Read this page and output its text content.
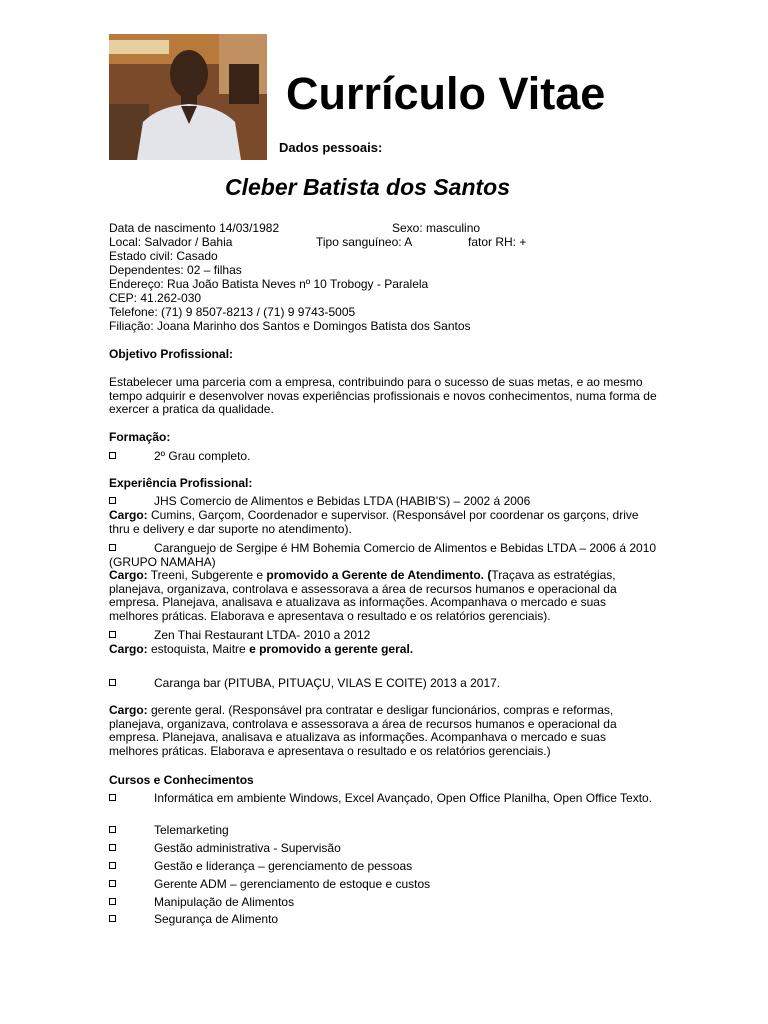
Currículo Vitae
Dados pessoais:
Cleber Batista dos Santos
Data de nascimento 14/03/1982	Sexo: masculino
Local: Salvador / Bahia	Tipo sanguíneo: A	fator RH: +
Estado civil: Casado
Dependentes: 02 – filhas
Endereço: Rua João Batista Neves nº 10 Trobogy - Paralela
CEP: 41.262-030
Telefone: (71) 9 8507-8213 / (71) 9 9743-5005
Filiação: Joana Marinho dos Santos e Domingos Batista dos Santos
Objetivo Profissional:
Estabelecer uma parceria com a empresa, contribuindo para o sucesso de suas metas, e ao mesmo tempo adquirir e desenvolver novas experiências profissionais e novos conhecimentos, numa forma de exercer a pratica da qualidade.
Formação:
2º Grau completo.
Experiência Profissional:
JHS Comercio de Alimentos e Bebidas LTDA (HABIB'S) – 2002 á 2006
Cargo: Cumins, Garçom, Coordenador e supervisor. (Responsável por coordenar os garçons, drive thru e delivery e dar suporte no atendimento).
Caranguejo de Sergipe é HM Bohemia Comercio de Alimentos e Bebidas LTDA – 2006 á 2010 (GRUPO NAMAHA)
Cargo: Treeni, Subgerente e promovido a Gerente de Atendimento. (Traçava as estratégias, planejava, organizava, controlava e assessorava a área de recursos humanos e operacional da empresa. Planejava, analisava e atualizava as informações. Acompanhava o mercado e suas melhores práticas. Elaborava e apresentava o resultado e os relatórios gerenciais).
Zen Thai Restaurant LTDA- 2010 a 2012
Cargo: estoquista, Maitre e promovido a gerente geral.
Caranga bar (PITUBA, PITUAÇU, VILAS E COITE) 2013 a 2017.
Cargo: gerente geral. (Responsável pra contratar e desligar funcionários, compras e reformas, planejava, organizava, controlava e assessorava a área de recursos humanos e operacional da empresa. Planejava, analisava e atualizava as informações. Acompanhava o mercado e suas melhores práticas. Elaborava e apresentava o resultado e os relatórios gerenciais.)
Cursos e Conhecimentos
Informática em ambiente Windows, Excel Avançado, Open Office Planilha, Open Office Texto.
Telemarketing
Gestão administrativa - Supervisão
Gestão e liderança – gerenciamento de pessoas
Gerente ADM – gerenciamento de estoque e custos
Manipulação de Alimentos
Segurança de Alimento
